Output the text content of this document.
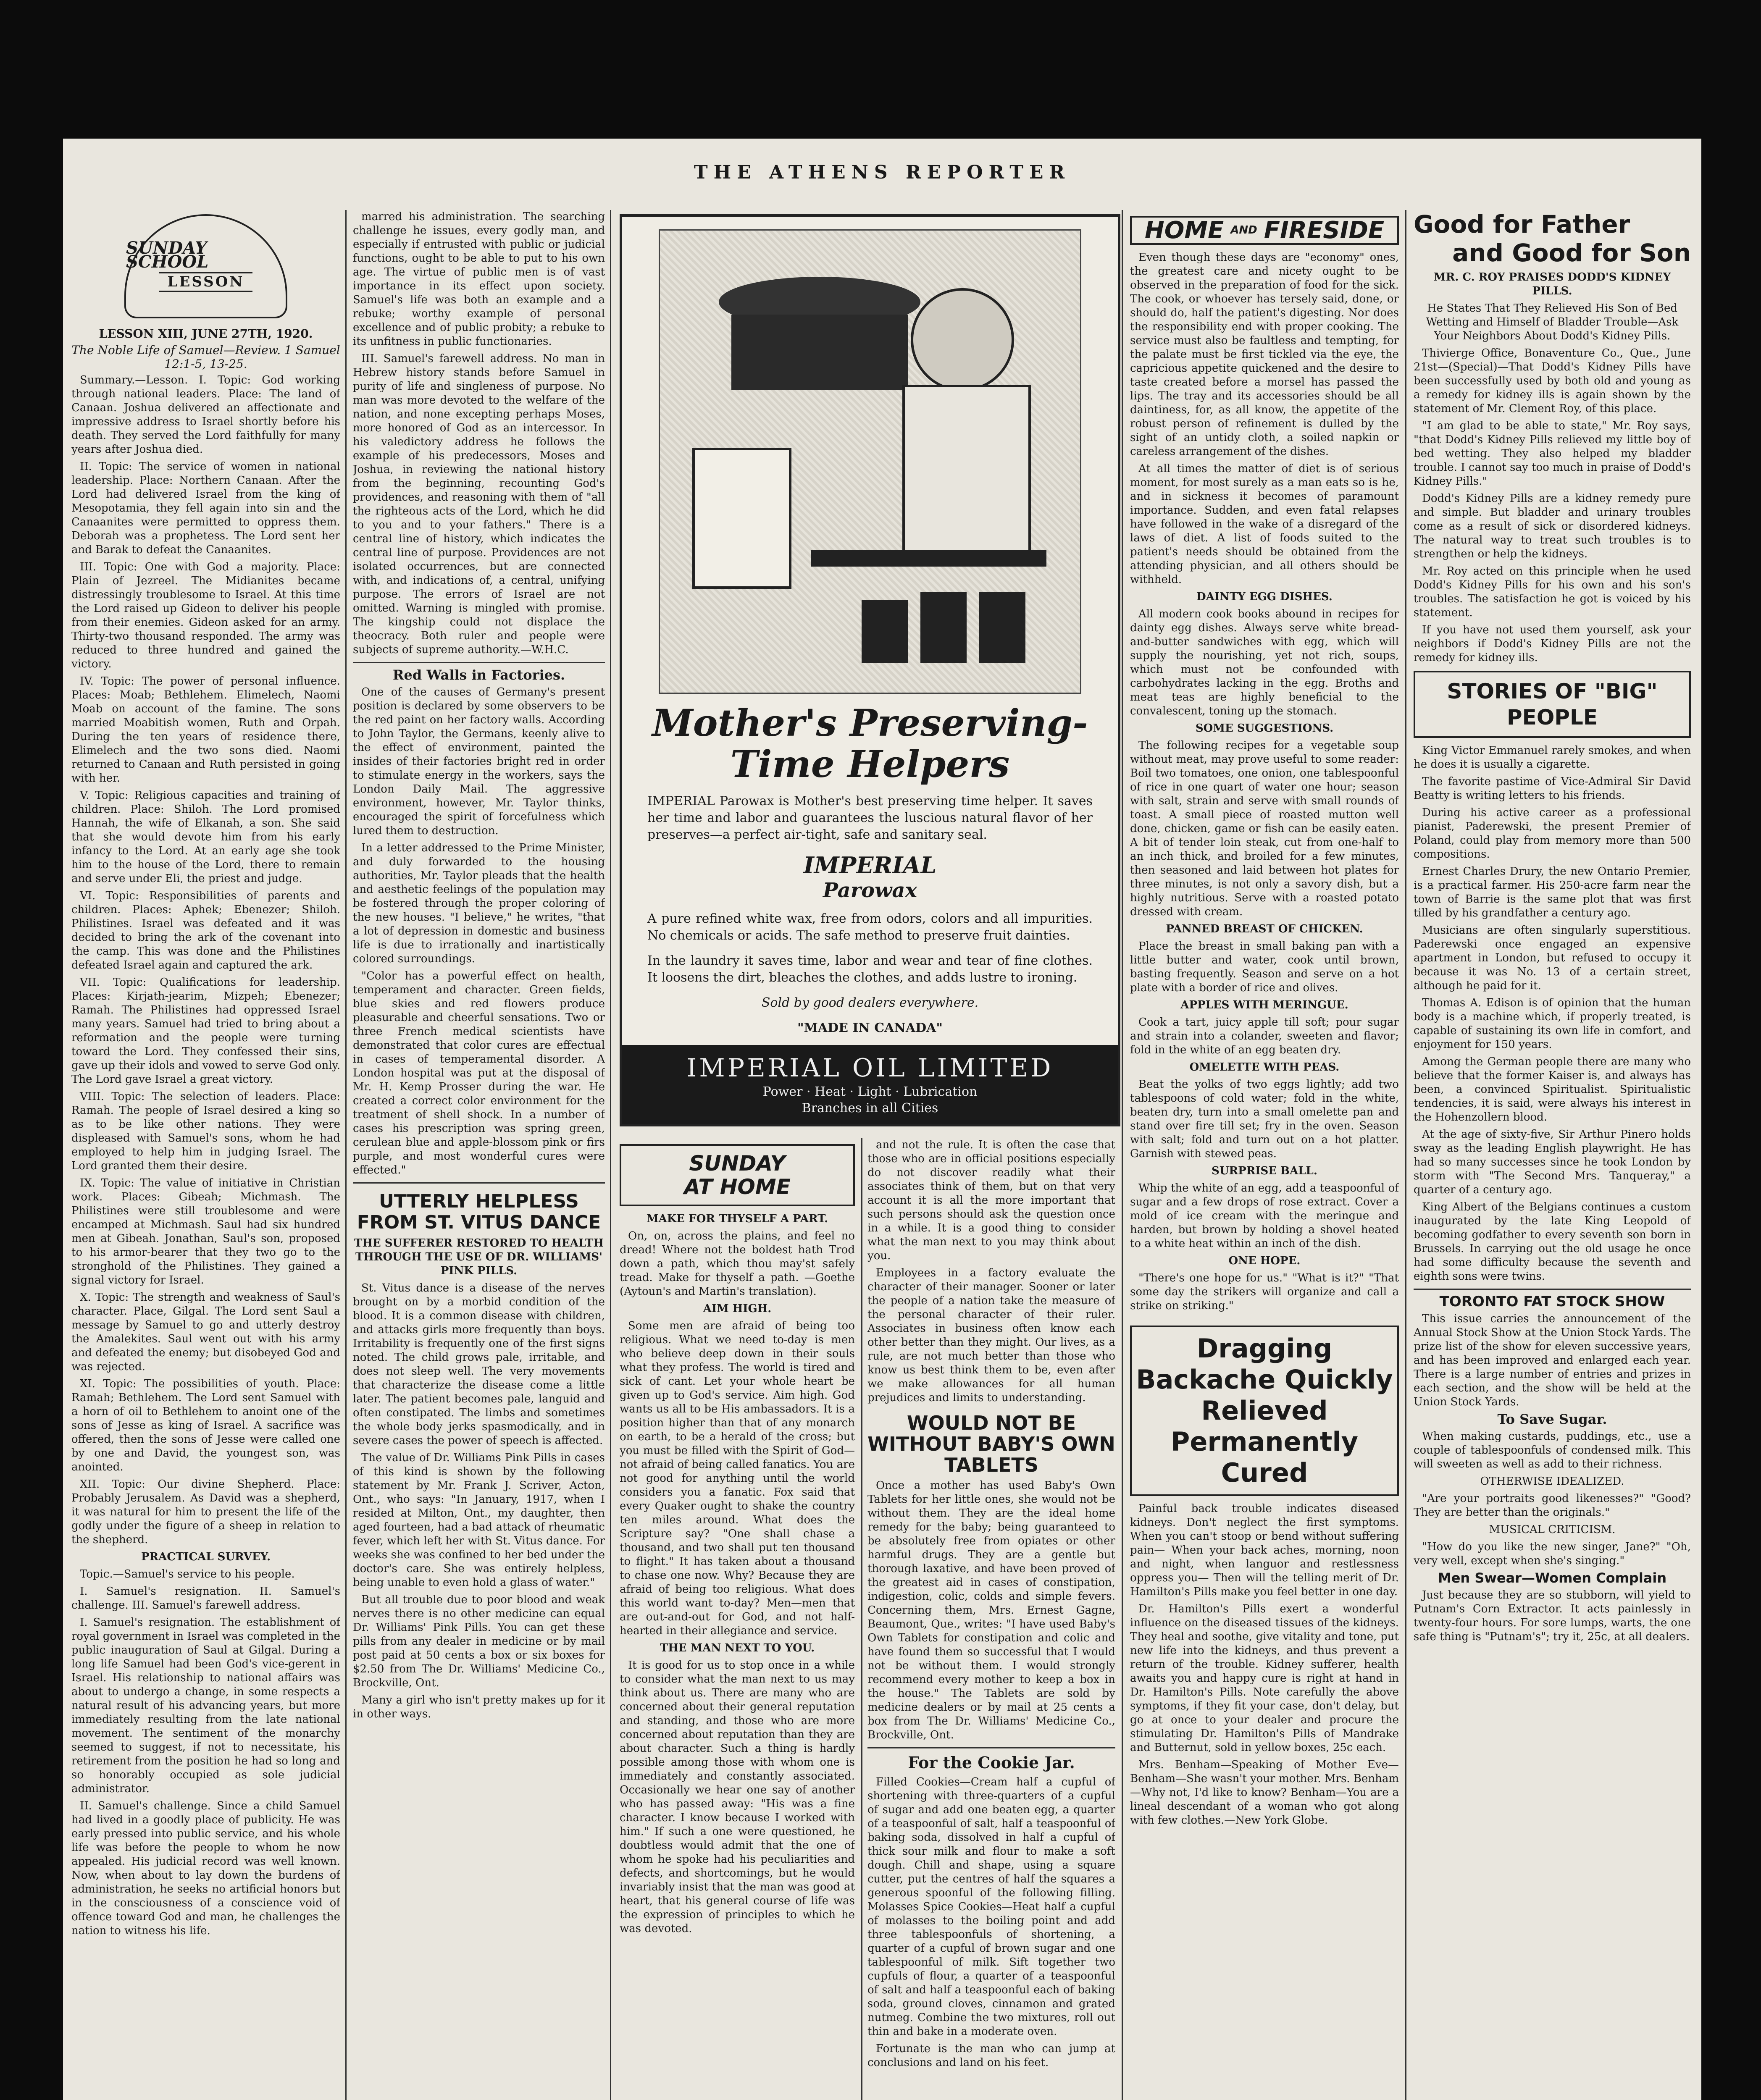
THE ATHENS REPORTER
SUNDAY SCHOOL
LESSON
LESSON XIII, JUNE 27TH, 1920.
The Noble Life of Samuel—Review. 1 Samuel 12:1-5, 13-25.

Summary.—Lesson. I. Topic: God working through national leaders. Place: The land of Canaan. Joshua delivered an affectionate and impressive address to Israel shortly before his death. They served the Lord faithfully for many years after Joshua died.

II. Topic: The service of women in national leadership. Place: Northern Canaan. After the Lord had delivered Israel from the king of Mesopotamia, they fell again into sin and the Canaanites were permitted to oppress them. Deborah was a prophetess. The Lord sent her and Barak to defeat the Canaanites.

III. Topic: One with God a majority. Place: Plain of Jezreel. The Midianites became distressingly troublesome to Israel. At this time the Lord raised up Gideon to deliver his people from their enemies. Gideon asked for an army. Thirty-two thousand responded. The army was reduced to three hundred and gained the victory.

IV. Topic: The power of personal influence. Places: Moab; Bethlehem. Elimelech, Naomi Moab on account of the famine. The sons married Moabitish women, Ruth and Orpah. During the ten years of residence there, Elimelech and the two sons died. Naomi returned to Canaan and Ruth persisted in going with her.

V. Topic: Religious capacities and training of children. Place: Shiloh. The Lord promised Hannah, the wife of Elkanah, a son. She said that she would devote him from his early infancy to the Lord. At an early age she took him to the house of the Lord, there to remain and serve under Eli, the priest and judge.

VI. Topic: Responsibilities of parents and children. Places: Aphek; Ebenezer; Shiloh. Philistines. Israel was defeated and it was decided to bring the ark of the covenant into the camp. This was done and the Philistines defeated Israel again and captured the ark.

VII. Topic: Qualifications for leadership. Places: Kirjath-jearim, Mizpeh; Ebenezer; Ramah. The Philistines had oppressed Israel many years. Samuel had tried to bring about a reformation and the people were turning toward the Lord. They confessed their sins, gave up their idols and vowed to serve God only. The Lord gave Israel a great victory.

VIII. Topic: The selection of leaders. Place: Ramah. The people of Israel desired a king so as to be like other nations. They were displeased with Samuel's sons, whom he had employed to help him in judging Israel. The Lord granted them their desire.

IX. Topic: The value of initiative in Christian work. Places: Gibeah; Michmash. The Philistines were still troublesome and were encamped at Michmash. Saul had six hundred men at Gibeah. Jonathan, Saul's son, proposed to his armor-bearer that they two go to the stronghold of the Philistines. They gained a signal victory for Israel.

X. Topic: The strength and weakness of Saul's character. Place, Gilgal. The Lord sent Saul a message by Samuel to go and utterly destroy the Amalekites. Saul went out with his army and defeated the enemy; but disobeyed God and was rejected.

XI. Topic: The possibilities of youth. Place: Ramah; Bethlehem. The Lord sent Samuel with a horn of oil to Bethlehem to anoint one of the sons of Jesse as king of Israel. A sacrifice was offered, then the sons of Jesse were called one by one and David, the youngest son, was anointed.

XII. Topic: Our divine Shepherd. Place: Probably Jerusalem. As David was a shepherd, it was natural for him to present the life of the godly under the figure of a sheep in relation to the shepherd.

PRACTICAL SURVEY.

Topic.—Samuel's service to his people.

I. Samuel's resignation. II. Samuel's challenge. III. Samuel's farewell address.

I. Samuel's resignation. The establishment of royal government in Israel was completed in the public inauguration of Saul at Gilgal. During a long life Samuel had been God's vice-gerent in Israel. His relationship to national affairs was about to undergo a change, in some respects a natural result of his advancing years, but more immediately resulting from the late national movement. The sentiment of the monarchy seemed to suggest, if not to necessitate, his retirement from the position he had so long and so honorably occupied as sole judicial administrator.

II. Samuel's challenge. Since a child Samuel had lived in a goodly place of publicity. He was early pressed into public service, and his whole life was before the people to whom he now appealed. His judicial record was well known. Now, when about to lay down the burdens of administration, he seeks no artificial honors but in the consciousness of a conscience void of offence toward God and man, he challenges the nation to witness his life.

marred his administration. The searching challenge he issues, every godly man, and especially if entrusted with public or judicial functions, ought to be able to put to his own age. The virtue of public men is of vast importance in its effect upon society. Samuel's life was both an example and a rebuke; worthy example of personal excellence and of public probity; a rebuke to its unfitness in public functionaries.

III. Samuel's farewell address. No man in Hebrew history stands before Samuel in purity of life and singleness of purpose. No man was more devoted to the welfare of the nation, and none excepting perhaps Moses, more honored of God as an intercessor. In his valedictory address he follows the example of his predecessors, Moses and Joshua, in reviewing the national history from the beginning, recounting God's providences, and reasoning with them of "all the righteous acts of the Lord, which he did to you and to your fathers." There is a central line of history, which indicates the central line of purpose. Providences are not isolated occurrences, but are connected with, and indications of, a central, unifying purpose. The errors of Israel are not omitted. Warning is mingled with promise. The kingship could not displace the theocracy. Both ruler and people were subjects of supreme authority.—W.H.C.

Red Walls in Factories.

One of the causes of Germany's present position is declared by some observers to be the red paint on her factory walls. According to John Taylor, the Germans, keenly alive to the effect of environment, painted the insides of their factories bright red in order to stimulate energy in the workers, says the London Daily Mail. The aggressive environment, however, Mr. Taylor thinks, encouraged the spirit of forcefulness which lured them to destruction.

In a letter addressed to the Prime Minister, and duly forwarded to the housing authorities, Mr. Taylor pleads that the health and aesthetic feelings of the population may be fostered through the proper coloring of the new houses. "I believe," he writes, "that a lot of depression in domestic and business life is due to irrationally and inartistically colored surroundings.

"Color has a powerful effect on health, temperament and character. Green fields, blue skies and red flowers produce pleasurable and cheerful sensations. Two or three French medical scientists have demonstrated that color cures are effectual in cases of temperamental disorder. A London hospital was put at the disposal of Mr. H. Kemp Prosser during the war. He created a correct color environment for the treatment of shell shock. In a number of cases his prescription was spring green, cerulean blue and apple-blossom pink or firs purple, and most wonderful cures were effected."

UTTERLY HELPLESS FROM ST. VITUS DANCE
THE SUFFERER RESTORED TO HEALTH THROUGH THE USE OF DR. WILLIAMS' PINK PILLS.

St. Vitus dance is a disease of the nerves brought on by a morbid condition of the blood. It is a common disease with children, and attacks girls more frequently than boys. Irritability is frequently one of the first signs noted. The child grows pale, irritable, and does not sleep well. The very movements that characterize the disease come a little later. The patient becomes pale, languid and often constipated. The limbs and sometimes the whole body jerks spasmodically, and in severe cases the power of speech is affected.

The value of Dr. Williams Pink Pills in cases of this kind is shown by the following statement by Mr. Frank J. Scriver, Acton, Ont., who says: "In January, 1917, when I resided at Milton, Ont., my daughter, then aged fourteen, had a bad attack of rheumatic fever, which left her with St. Vitus dance. For weeks she was confined to her bed under the doctor's care. She was entirely helpless, being unable to even hold a glass of water."

But all trouble due to poor blood and weak nerves there is no other medicine can equal Dr. Williams' Pink Pills. You can get these pills from any dealer in medicine or by mail post paid at 50 cents a box or six boxes for $2.50 from The Dr. Williams' Medicine Co., Brockville, Ont.

Many a girl who isn't pretty makes up for it in other ways.

Mother's Preserving-Time Helpers
IMPERIAL Parowax is Mother's best preserving time helper. It saves her time and labor and guarantees the luscious natural flavor of her preserves—a perfect air-tight, safe and sanitary seal.
IMPERIAL
Parowax
A pure refined white wax, free from odors, colors and all impurities. No chemicals or acids. The safe method to preserve fruit dainties.
In the laundry it saves time, labor and wear and tear of fine clothes. It loosens the dirt, bleaches the clothes, and adds lustre to ironing.
Sold by good dealers everywhere.
"MADE IN CANADA"
IMPERIAL OIL LIMITED
Power · Heat · Light · Lubrication
Branches in all Cities
SUNDAY
AT HOME

MAKE FOR THYSELF A PART.

On, on, across the plains, and feel no dread! Where not the boldest hath Trod down a path, which thou may'st safely tread. Make for thyself a path. —Goethe (Aytoun's and Martin's translation).

AIM HIGH.

Some men are afraid of being too religious. What we need to-day is men who believe deep down in their souls what they profess. The world is tired and sick of cant. Let your whole heart be given up to God's service. Aim high. God wants us all to be His ambassadors. It is a position higher than that of any monarch on earth, to be a herald of the cross; but you must be filled with the Spirit of God—not afraid of being called fanatics. You are not good for anything until the world considers you a fanatic. Fox said that every Quaker ought to shake the country ten miles around. What does the Scripture say? "One shall chase a thousand, and two shall put ten thousand to flight." It has taken about a thousand to chase one now. Why? Because they are afraid of being too religious. What does this world want to-day? Men—men that are out-and-out for God, and not half-hearted in their allegiance and service.

THE MAN NEXT TO YOU.

It is good for us to stop once in a while to consider what the man next to us may think about us. There are many who are concerned about their general reputation and standing, and those who are more concerned about reputation than they are about character. Such a thing is hardly possible among those with whom one is immediately and constantly associated. Occasionally we hear one say of another who has passed away: "His was a fine character. I know because I worked with him." If such a one were questioned, he doubtless would admit that the one of whom he spoke had his peculiarities and defects, and shortcomings, but he would invariably insist that the man was good at heart, that his general course of life was the expression of principles to which he was devoted.

and not the rule. It is often the case that those who are in official positions especially do not discover readily what their associates think of them, but on that very account it is all the more important that such persons should ask the question once in a while. It is a good thing to consider what the man next to you may think about you.

Employees in a factory evaluate the character of their manager. Sooner or later the people of a nation take the measure of the personal character of their ruler. Associates in business often know each other better than they might. Our lives, as a rule, are not much better than those who know us best think them to be, even after we make allowances for all human prejudices and limits to understanding.

WOULD NOT BE WITHOUT BABY'S OWN TABLETS

Once a mother has used Baby's Own Tablets for her little ones, she would not be without them. They are the ideal home remedy for the baby; being guaranteed to be absolutely free from opiates or other harmful drugs. They are a gentle but thorough laxative, and have been proved of the greatest aid in cases of constipation, indigestion, colic, colds and simple fevers. Concerning them, Mrs. Ernest Gagne, Beaumont, Que., writes: "I have used Baby's Own Tablets for constipation and colic and have found them so successful that I would not be without them. I would strongly recommend every mother to keep a box in the house." The Tablets are sold by medicine dealers or by mail at 25 cents a box from The Dr. Williams' Medicine Co., Brockville, Ont.

For the Cookie Jar.

Filled Cookies—Cream half a cupful of shortening with three-quarters of a cupful of sugar and add one beaten egg, a quarter of a teaspoonful of salt, half a teaspoonful of baking soda, dissolved in half a cupful of thick sour milk and flour to make a soft dough. Chill and shape, using a square cutter, put the centres of half the squares a generous spoonful of the following filling. Molasses Spice Cookies—Heat half a cupful of molasses to the boiling point and add three tablespoonfuls of shortening, a quarter of a cupful of brown sugar and one tablespoonful of milk. Sift together two cupfuls of flour, a quarter of a teaspoonful of salt and half a teaspoonful each of baking soda, ground cloves, cinnamon and grated nutmeg. Combine the two mixtures, roll out thin and bake in a moderate oven.

Fortunate is the man who can jump at conclusions and land on his feet.

HOME AND FIRESIDE

Even though these days are "economy" ones, the greatest care and nicety ought to be observed in the preparation of food for the sick. The cook, or whoever has tersely said, done, or should do, half the patient's digesting. Nor does the responsibility end with proper cooking. The service must also be faultless and tempting, for the palate must be first tickled via the eye, the capricious appetite quickened and the desire to taste created before a morsel has passed the lips. The tray and its accessories should be all daintiness, for, as all know, the appetite of the robust person of refinement is dulled by the sight of an untidy cloth, a soiled napkin or careless arrangement of the dishes.

At all times the matter of diet is of serious moment, for most surely as a man eats so is he, and in sickness it becomes of paramount importance. Sudden, and even fatal relapses have followed in the wake of a disregard of the laws of diet. A list of foods suited to the patient's needs should be obtained from the attending physician, and all others should be withheld.

DAINTY EGG DISHES.

All modern cook books abound in recipes for dainty egg dishes. Always serve white bread-and-butter sandwiches with egg, which will supply the nourishing, yet not rich, soups, which must not be confounded with carbohydrates lacking in the egg. Broths and meat teas are highly beneficial to the convalescent, toning up the stomach.

SOME SUGGESTIONS.

The following recipes for a vegetable soup without meat, may prove useful to some reader: Boil two tomatoes, one onion, one tablespoonful of rice in one quart of water one hour; season with salt, strain and serve with small rounds of toast. A small piece of roasted mutton well done, chicken, game or fish can be easily eaten. A bit of tender loin steak, cut from one-half to an inch thick, and broiled for a few minutes, then seasoned and laid between hot plates for three minutes, is not only a savory dish, but a highly nutritious. Serve with a roasted potato dressed with cream.

PANNED BREAST OF CHICKEN.

Place the breast in small baking pan with a little butter and water, cook until brown, basting frequently. Season and serve on a hot plate with a border of rice and olives.

APPLES WITH MERINGUE.

Cook a tart, juicy apple till soft; pour sugar and strain into a colander, sweeten and flavor; fold in the white of an egg beaten dry.

OMELETTE WITH PEAS.

Beat the yolks of two eggs lightly; add two tablespoons of cold water; fold in the white, beaten dry, turn into a small omelette pan and stand over fire till set; fry in the oven. Season with salt; fold and turn out on a hot platter. Garnish with stewed peas.

SURPRISE BALL.

Whip the white of an egg, add a teaspoonful of sugar and a few drops of rose extract. Cover a mold of ice cream with the meringue and harden, but brown by holding a shovel heated to a white heat within an inch of the dish.

ONE HOPE.

"There's one hope for us." "What is it?" "That some day the strikers will organize and call a strike on striking."

Dragging Backache Quickly Relieved Permanently Cured

Painful back trouble indicates diseased kidneys. Don't neglect the first symptoms. When you can't stoop or bend without suffering pain— When your back aches, morning, noon and night, when languor and restlessness oppress you— Then will the telling merit of Dr. Hamilton's Pills make you feel better in one day.

Dr. Hamilton's Pills exert a wonderful influence on the diseased tissues of the kidneys. They heal and soothe, give vitality and tone, put new life into the kidneys, and thus prevent a return of the trouble. Kidney sufferer, health awaits you and happy cure is right at hand in Dr. Hamilton's Pills. Note carefully the above symptoms, if they fit your case, don't delay, but go at once to your dealer and procure the stimulating Dr. Hamilton's Pills of Mandrake and Butternut, sold in yellow boxes, 25c each.

Mrs. Benham—Speaking of Mother Eve—Benham—She wasn't your mother. Mrs. Benham—Why not, I'd like to know? Benham—You are a lineal descendant of a woman who got along with few clothes.—New York Globe.

Good for Father
and Good for Son
MR. C. ROY PRAISES DODD'S KIDNEY PILLS.
He States That They Relieved His Son of Bed Wetting and Himself of Bladder Trouble—Ask Your Neighbors About Dodd's Kidney Pills.

Thivierge Office, Bonaventure Co., Que., June 21st—(Special)—That Dodd's Kidney Pills have been successfully used by both old and young as a remedy for kidney ills is again shown by the statement of Mr. Clement Roy, of this place.

"I am glad to be able to state," Mr. Roy says, "that Dodd's Kidney Pills relieved my little boy of bed wetting. They also helped my bladder trouble. I cannot say too much in praise of Dodd's Kidney Pills."

Dodd's Kidney Pills are a kidney remedy pure and simple. But bladder and urinary troubles come as a result of sick or disordered kidneys. The natural way to treat such troubles is to strengthen or help the kidneys.

Mr. Roy acted on this principle when he used Dodd's Kidney Pills for his own and his son's troubles. The satisfaction he got is voiced by his statement.

If you have not used them yourself, ask your neighbors if Dodd's Kidney Pills are not the remedy for kidney ills.

STORIES OF "BIG" PEOPLE

King Victor Emmanuel rarely smokes, and when he does it is usually a cigarette.

The favorite pastime of Vice-Admiral Sir David Beatty is writing letters to his friends.

During his active career as a professional pianist, Paderewski, the present Premier of Poland, could play from memory more than 500 compositions.

Ernest Charles Drury, the new Ontario Premier, is a practical farmer. His 250-acre farm near the town of Barrie is the same plot that was first tilled by his grandfather a century ago.

Musicians are often singularly superstitious. Paderewski once engaged an expensive apartment in London, but refused to occupy it because it was No. 13 of a certain street, although he paid for it.

Thomas A. Edison is of opinion that the human body is a machine which, if properly treated, is capable of sustaining its own life in comfort, and enjoyment for 150 years.

Among the German people there are many who believe that the former Kaiser is, and always has been, a convinced Spiritualist. Spiritualistic tendencies, it is said, were always his interest in the Hohenzollern blood.

At the age of sixty-five, Sir Arthur Pinero holds sway as the leading English playwright. He has had so many successes since he took London by storm with "The Second Mrs. Tanqueray," a quarter of a century ago.

King Albert of the Belgians continues a custom inaugurated by the late King Leopold of becoming godfather to every seventh son born in Brussels. In carrying out the old usage he once had some difficulty because the seventh and eighth sons were twins.

TORONTO FAT STOCK SHOW

This issue carries the announcement of the Annual Stock Show at the Union Stock Yards. The prize list of the show for eleven successive years, and has been improved and enlarged each year. There is a large number of entries and prizes in each section, and the show will be held at the Union Stock Yards.

To Save Sugar.

When making custards, puddings, etc., use a couple of tablespoonfuls of condensed milk. This will sweeten as well as add to their richness.

OTHERWISE IDEALIZED.

"Are your portraits good likenesses?" "Good? They are better than the originals."

MUSICAL CRITICISM.

"How do you like the new singer, Jane?" "Oh, very well, except when she's singing."

Men Swear—Women Complain

Just because they are so stubborn, will yield to Putnam's Corn Extractor. It acts painlessly in twenty-four hours. For sore lumps, warts, the one safe thing is "Putnam's"; try it, 25c, at all dealers.
